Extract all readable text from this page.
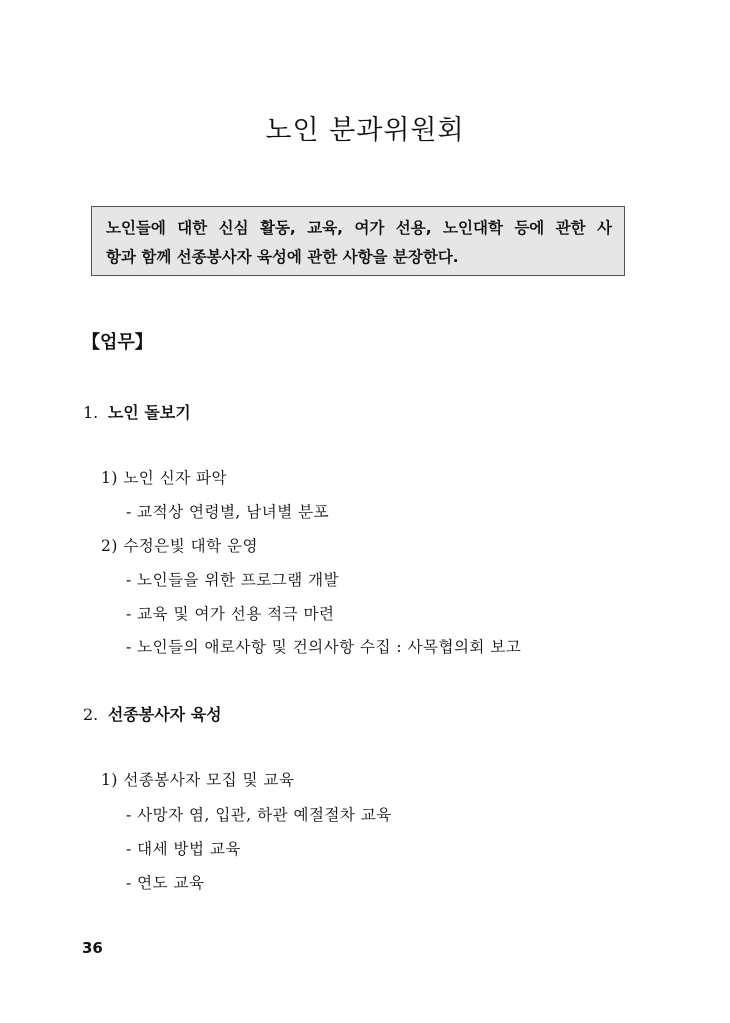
노인 분과위원회
노인들에 대한 신심 활동, 교육, 여가 선용, 노인대학 등에 관한 사
항과 함께 선종봉사자 육성에 관한 사항을 분장한다.
【업무】
1. 노인 돌보기
1) 노인 신자 파악
- 교적상 연령별, 남녀별 분포
2) 수정은빛 대학 운영
- 노인들을 위한 프로그램 개발
- 교육 및 여가 선용 적극 마련
- 노인들의 애로사항 및 건의사항 수집 : 사목협의회 보고
2. 선종봉사자 육성
1) 선종봉사자 모집 및 교육
- 사망자 염, 입관, 하관 예절절차 교육
- 대세 방법 교육
- 연도 교육
36
